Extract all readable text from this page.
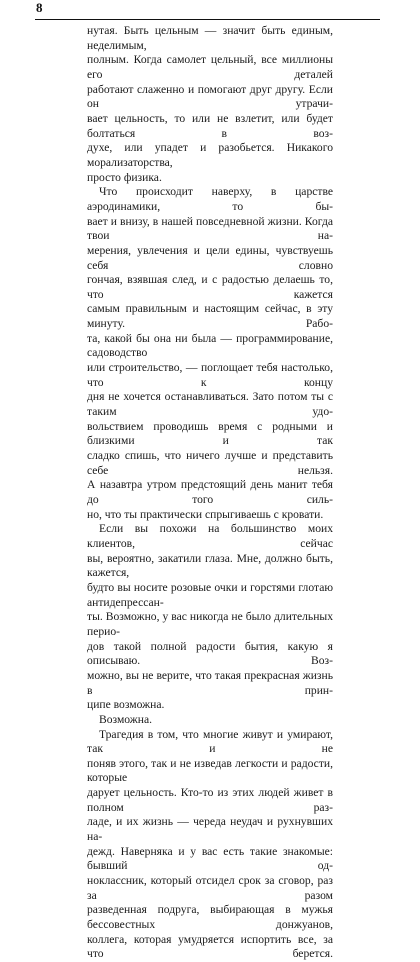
8

нутая. Быть цельным — значит быть единым, неделимым,

полным. Когда самолет цельный, все миллионы его деталей

работают слаженно и помогают друг другу. Если он утрачи-

вает цельность, то или не взлетит, или будет болтаться в воз-

духе, или упадет и разобьется. Никакого морализаторства,

просто физика.

Что происходит наверху, в царстве аэродинамики, то бы-

вает и внизу, в нашей повседневной жизни. Когда твои на-

мерения, увлечения и цели едины, чувствуешь себя словно

гончая, взявшая след, и с радостью делаешь то, что кажется

самым правильным и настоящим сейчас, в эту минуту. Рабо-

та, какой бы она ни была — программирование, садоводство

или строительство, — поглощает тебя настолько, что к концу

дня не хочется останавливаться. Зато потом ты с таким удо-

вольствием проводишь время с родными и близкими и так

сладко спишь, что ничего лучше и представить себе нельзя.

А назавтра утром предстоящий день манит тебя до того силь-

но, что ты практически спрыгиваешь с кровати.

Если вы похожи на большинство моих клиентов, сейчас

вы, вероятно, закатили глаза. Мне, должно быть, кажется,

будто вы носите розовые очки и горстями глотаю антидепрессан-

ты. Возможно, у вас никогда не было длительных перио-

дов такой полной радости бытия, какую я описываю. Воз-

можно, вы не верите, что такая прекрасная жизнь в прин-

ципе возможна.

Возможна.

Трагедия в том, что многие живут и умирают, так и не

поняв этого, так и не изведав легкости и радости, которые

дарует цельность. Кто-то из этих людей живет в полном раз-

ладе, и их жизнь — череда неудач и рухнувших на-

дежд. Наверняка и у вас есть такие знакомые: бывший од-

ноклассник, который отсидел срок за сговор, раз за разом

разведенная подруга, выбирающая в мужья бессовестных донжуанов,

коллега, которая умудряется испортить все, за что берется.
